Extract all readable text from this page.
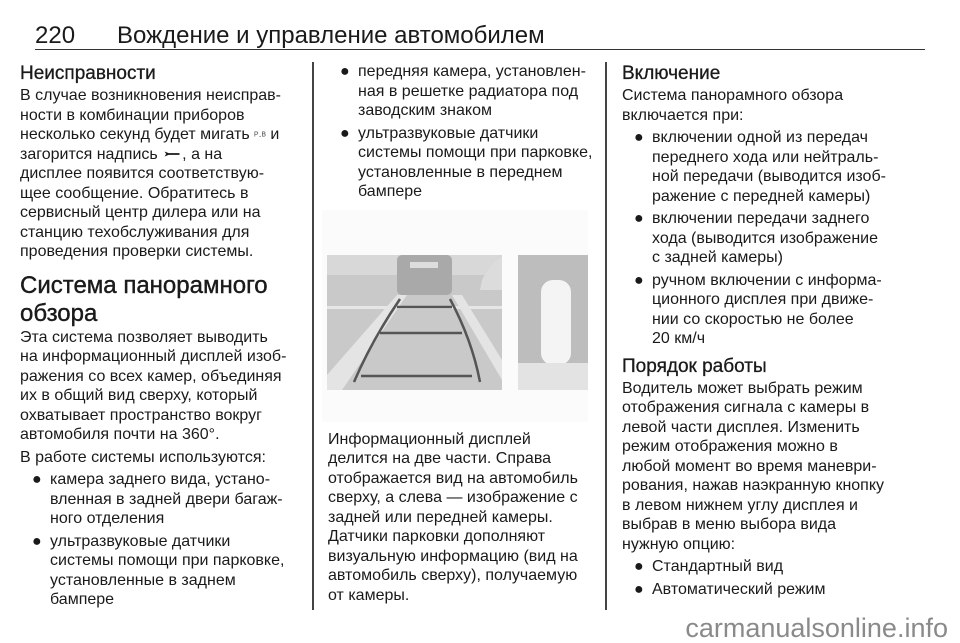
220 Вождение и управление автомобилем
Неисправности

В случае возникновения неисправ-
ности в комбинации приборов
несколько секунд будет мигать ᴾ·ᴮ и
загорится надпись , а на
дисплее появится соответствую-
щее сообщение. Обратитесь в
сервисный центр дилера или на
станцию техобслуживания для
проведения проверки системы.

Система панорамного
обзора

Эта система позволяет выводить
на информационный дисплей изоб-
ражения со всех камер, объединяя
их в общий вид сверху, который
охватывает пространство вокруг
автомобиля почти на 360°.

В работе системы используются:

● камера заднего вида, устано-
вленная в задней двери багаж-
ного отделения
● ультразвуковые датчики
системы помощи при парковке,
установленные в заднем
бампере
● передняя камера, установлен-
ная в решетке радиатора под
заводским знаком
● ультразвуковые датчики
системы помощи при парковке,
установленные в переднем
бампере

Информационный дисплей
делится на две части. Справа
отображается вид на автомобиль
сверху, а слева — изображение с
задней или передней камеры.
Датчики парковки дополняют
визуальную информацию (вид на
автомобиль сверху), получаемую
от камеры.

Включение

Система панорамного обзора
включается при:

● включении одной из передач
переднего хода или нейтраль-
ной передачи (выводится изоб-
ражение с передней камеры)
● включении передачи заднего
хода (выводится изображение
с задней камеры)
● ручном включении с информа-
ционного дисплея при движе-
нии со скоростью не более
20 км/ч
Порядок работы

Водитель может выбрать режим
отображения сигнала с камеры в
левой части дисплея. Изменить
режим отображения можно в
любой момент во время маневри-
рования, нажав наэкранную кнопку
в левом нижнем углу дисплея и
выбрав в меню выбора вида
нужную опцию:

● Стандартный вид
● Автоматический режим
carmanualsonline.info
